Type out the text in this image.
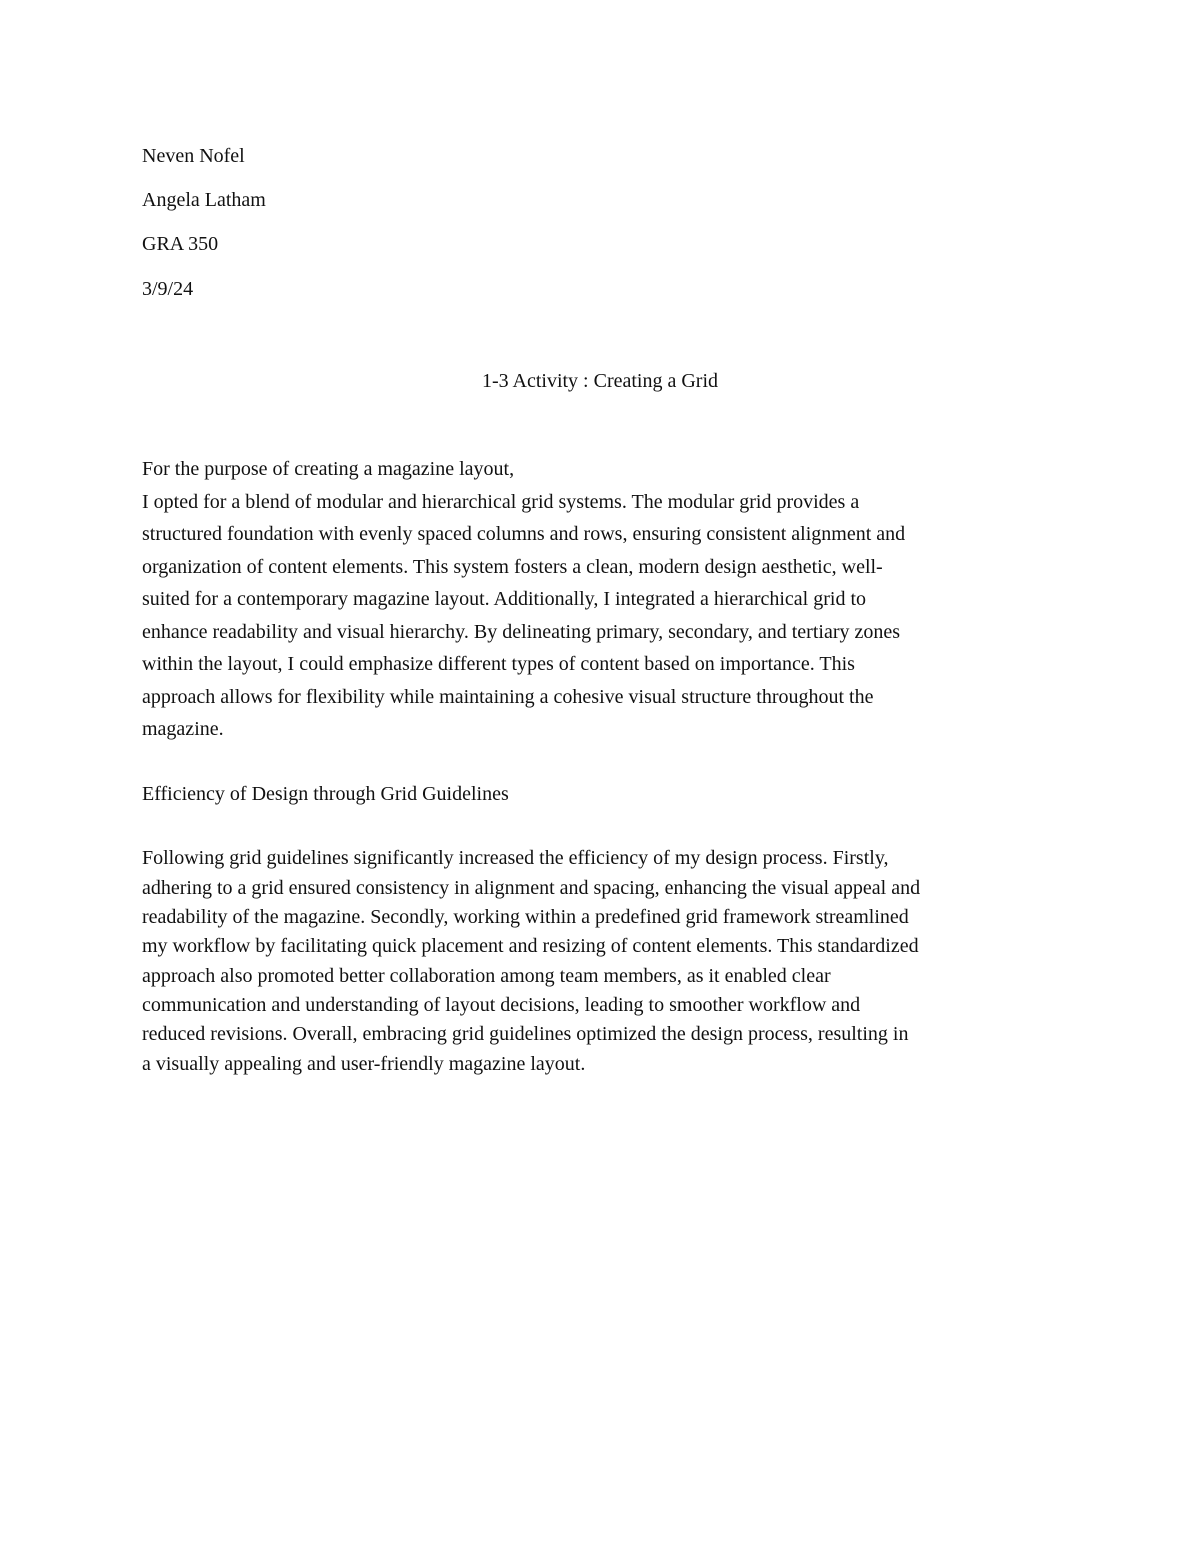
Neven Nofel

Angela Latham

GRA 350

3/9/24

1-3 Activity : Creating a Grid

For the purpose of creating a magazine layout,

I opted for a blend of modular and hierarchical grid systems. The modular grid provides a

structured foundation with evenly spaced columns and rows, ensuring consistent alignment and

organization of content elements. This system fosters a clean, modern design aesthetic, well-

suited for a contemporary magazine layout. Additionally, I integrated a hierarchical grid to

enhance readability and visual hierarchy. By delineating primary, secondary, and tertiary zones

within the layout, I could emphasize different types of content based on importance. This

approach allows for flexibility while maintaining a cohesive visual structure throughout the

magazine.

Efficiency of Design through Grid Guidelines

Following grid guidelines significantly increased the efficiency of my design process. Firstly,

adhering to a grid ensured consistency in alignment and spacing, enhancing the visual appeal and

readability of the magazine. Secondly, working within a predefined grid framework streamlined

my workflow by facilitating quick placement and resizing of content elements. This standardized

approach also promoted better collaboration among team members, as it enabled clear

communication and understanding of layout decisions, leading to smoother workflow and

reduced revisions. Overall, embracing grid guidelines optimized the design process, resulting in

a visually appealing and user-friendly magazine layout.
